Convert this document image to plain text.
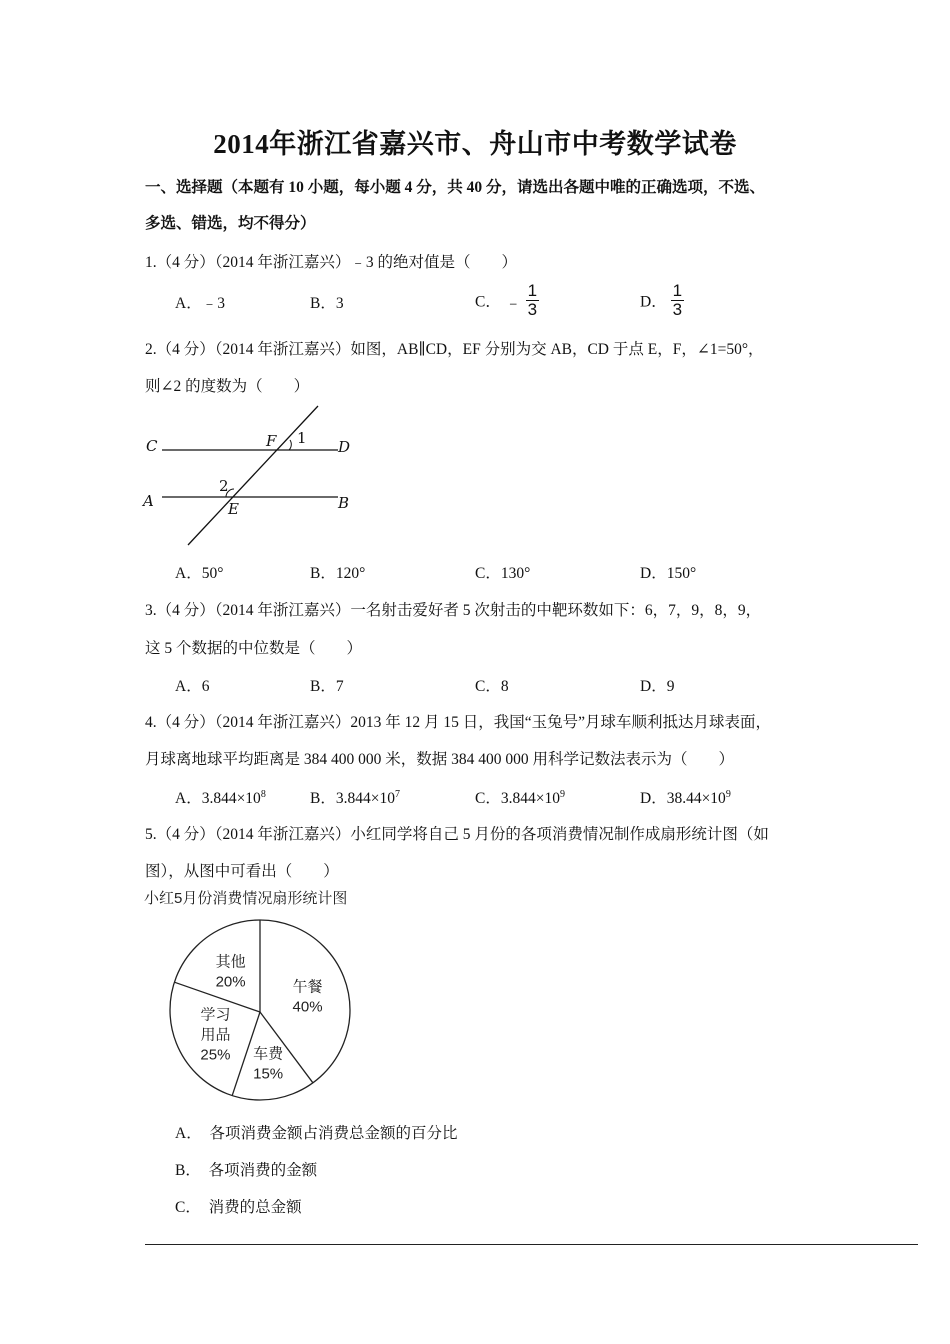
2014年浙江省嘉兴市、舟山市中考数学试卷
一、选择题（本题有 10 小题，每小题 4 分，共 40 分，请选出各题中唯的正确选项，不选、
多选、错选，均不得分）
1.（4 分）（2014 年浙江嘉兴）﹣3 的绝对值是（　　）
A．﹣3	B．3	C． ﹣ $\frac{1}{3}$	D． $\frac{1}{3}$
2.（4 分）（2014 年浙江嘉兴）如图，AB∥CD，EF 分别为交 AB，CD 于点 E，F，∠1=50°，
则∠2 的度数为（　　）
C	F	D
A	E	B
1
2
A．50°	B．120°	C．130°	D．150°
3.（4 分）（2014 年浙江嘉兴）一名射击爱好者 5 次射击的中靶环数如下：6，7，9，8，9，
这 5 个数据的中位数是（　　）
A．6	B．7	C．8	D．9
4.（4 分）（2014 年浙江嘉兴）2013 年 12 月 15 日，我国“玉兔号”月球车顺利抵达月球表面，
月球离地球平均距离是 384 400 000 米，数据 384 400 000 用科学记数法表示为（　　）
A．$3.844\times 10^8$	B．$3.844\times 10^7$	C．$3.844\times 10^9$	D．$38.44\times 10^9$
5.（4 分）（2014 年浙江嘉兴）小红同学将自己 5 月份的各项消费情况制作成扇形统计图（如
图），从图中可看出（　　）
小红5月份消费情况扇形统计图
午餐
40%
车费
15%
学习
用品
25%
其他
20%
A．　各项消费金额占消费总金额的百分比
B．　各项消费的金额
C．　消费的总金额
